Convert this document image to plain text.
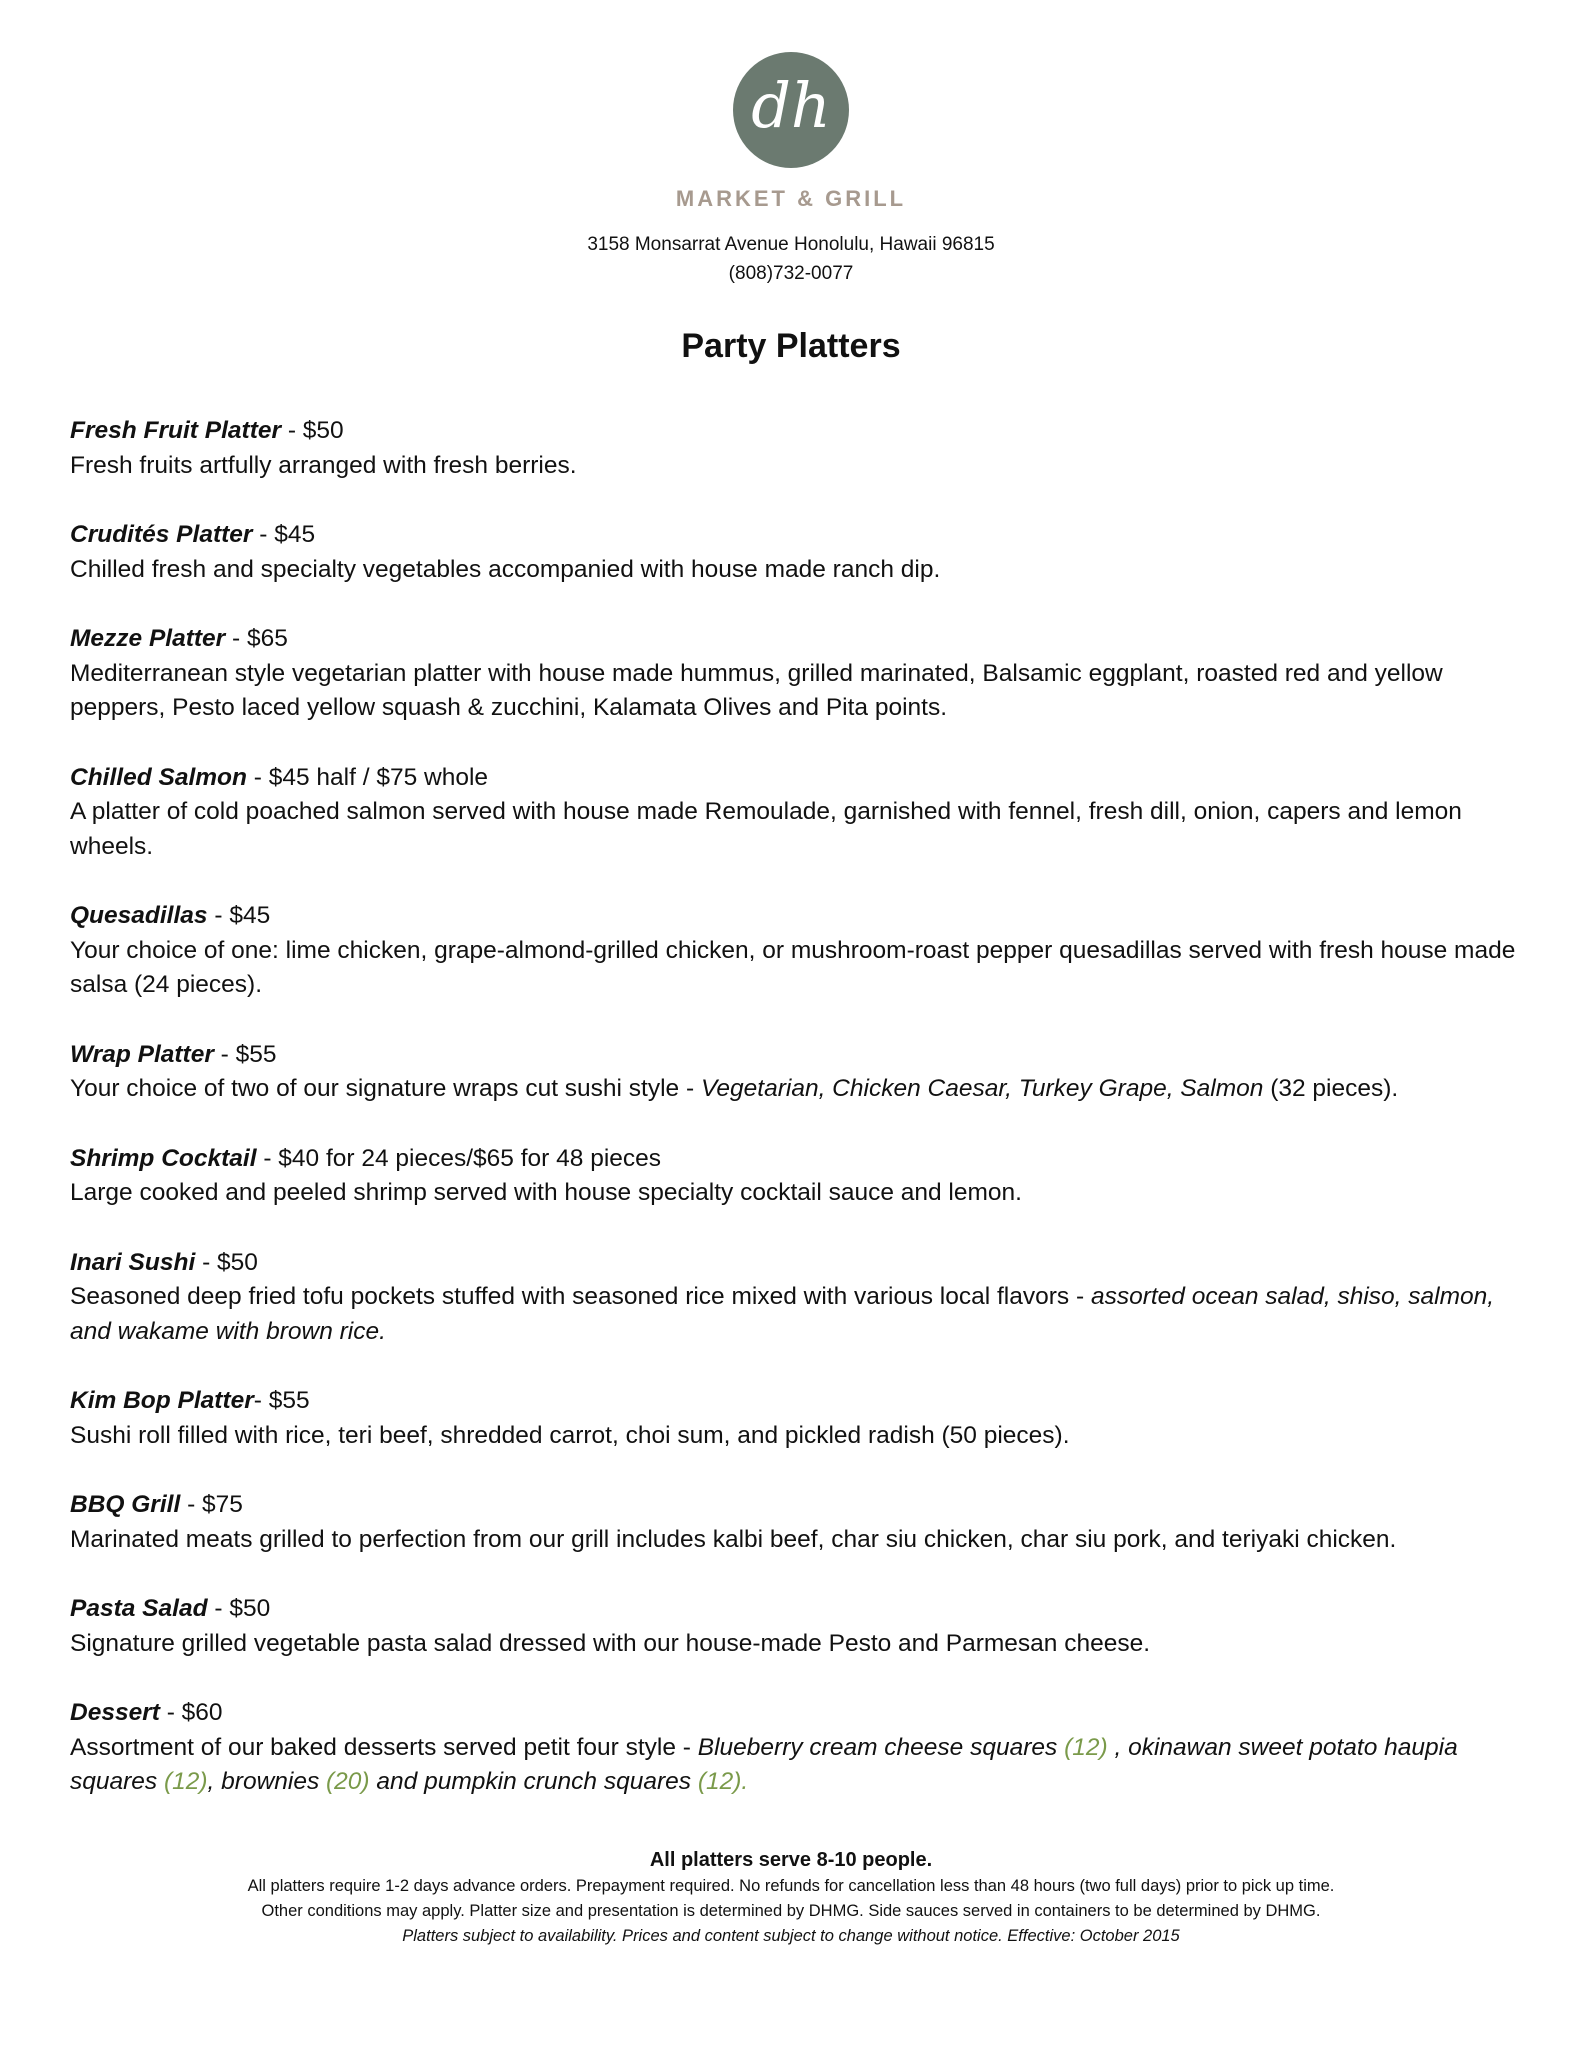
dh
MARKET & GRILL
3158 Monsarrat Avenue Honolulu, Hawaii 96815
(808)732-0077
Party Platters
Fresh Fruit Platter - $50

Fresh fruits artfully arranged with fresh berries.

Crudités Platter - $45

Chilled fresh and specialty vegetables accompanied with house made ranch dip.

Mezze Platter - $65

Mediterranean style vegetarian platter with house made hummus, grilled marinated, Balsamic eggplant, roasted red and yellow peppers, Pesto laced yellow squash & zucchini, Kalamata Olives and Pita points.

Chilled Salmon - $45 half / $75 whole

A platter of cold poached salmon served with house made Remoulade, garnished with fennel, fresh dill, onion, capers and lemon wheels.

Quesadillas - $45

Your choice of one: lime chicken, grape-almond-grilled chicken, or mushroom-roast pepper quesadillas served with fresh house made salsa (24 pieces).

Wrap Platter - $55

Your choice of two of our signature wraps cut sushi style - Vegetarian, Chicken Caesar, Turkey Grape, Salmon (32 pieces).

Shrimp Cocktail - $40 for 24 pieces/$65 for 48 pieces

Large cooked and peeled shrimp served with house specialty cocktail sauce and lemon.

Inari Sushi - $50

Seasoned deep fried tofu pockets stuffed with seasoned rice mixed with various local flavors - assorted ocean salad, shiso, salmon, and wakame with brown rice.

Kim Bop Platter- $55

Sushi roll filled with rice, teri beef, shredded carrot, choi sum, and pickled radish (50 pieces).

BBQ Grill - $75

Marinated meats grilled to perfection from our grill includes kalbi beef, char siu chicken, char siu pork, and teriyaki chicken.

Pasta Salad - $50

Signature grilled vegetable pasta salad dressed with our house-made Pesto and Parmesan cheese.

Dessert - $60

Assortment of our baked desserts served petit four style - Blueberry cream cheese squares (12) , okinawan sweet potato haupia squares (12), brownies (20) and pumpkin crunch squares (12).

All platters serve 8-10 people.
All platters require 1-2 days advance orders. Prepayment required. No refunds for cancellation less than 48 hours (two full days) prior to pick up time.
Other conditions may apply. Platter size and presentation is determined by DHMG. Side sauces served in containers to be determined by DHMG.
Platters subject to availability. Prices and content subject to change without notice. Effective: October 2015
